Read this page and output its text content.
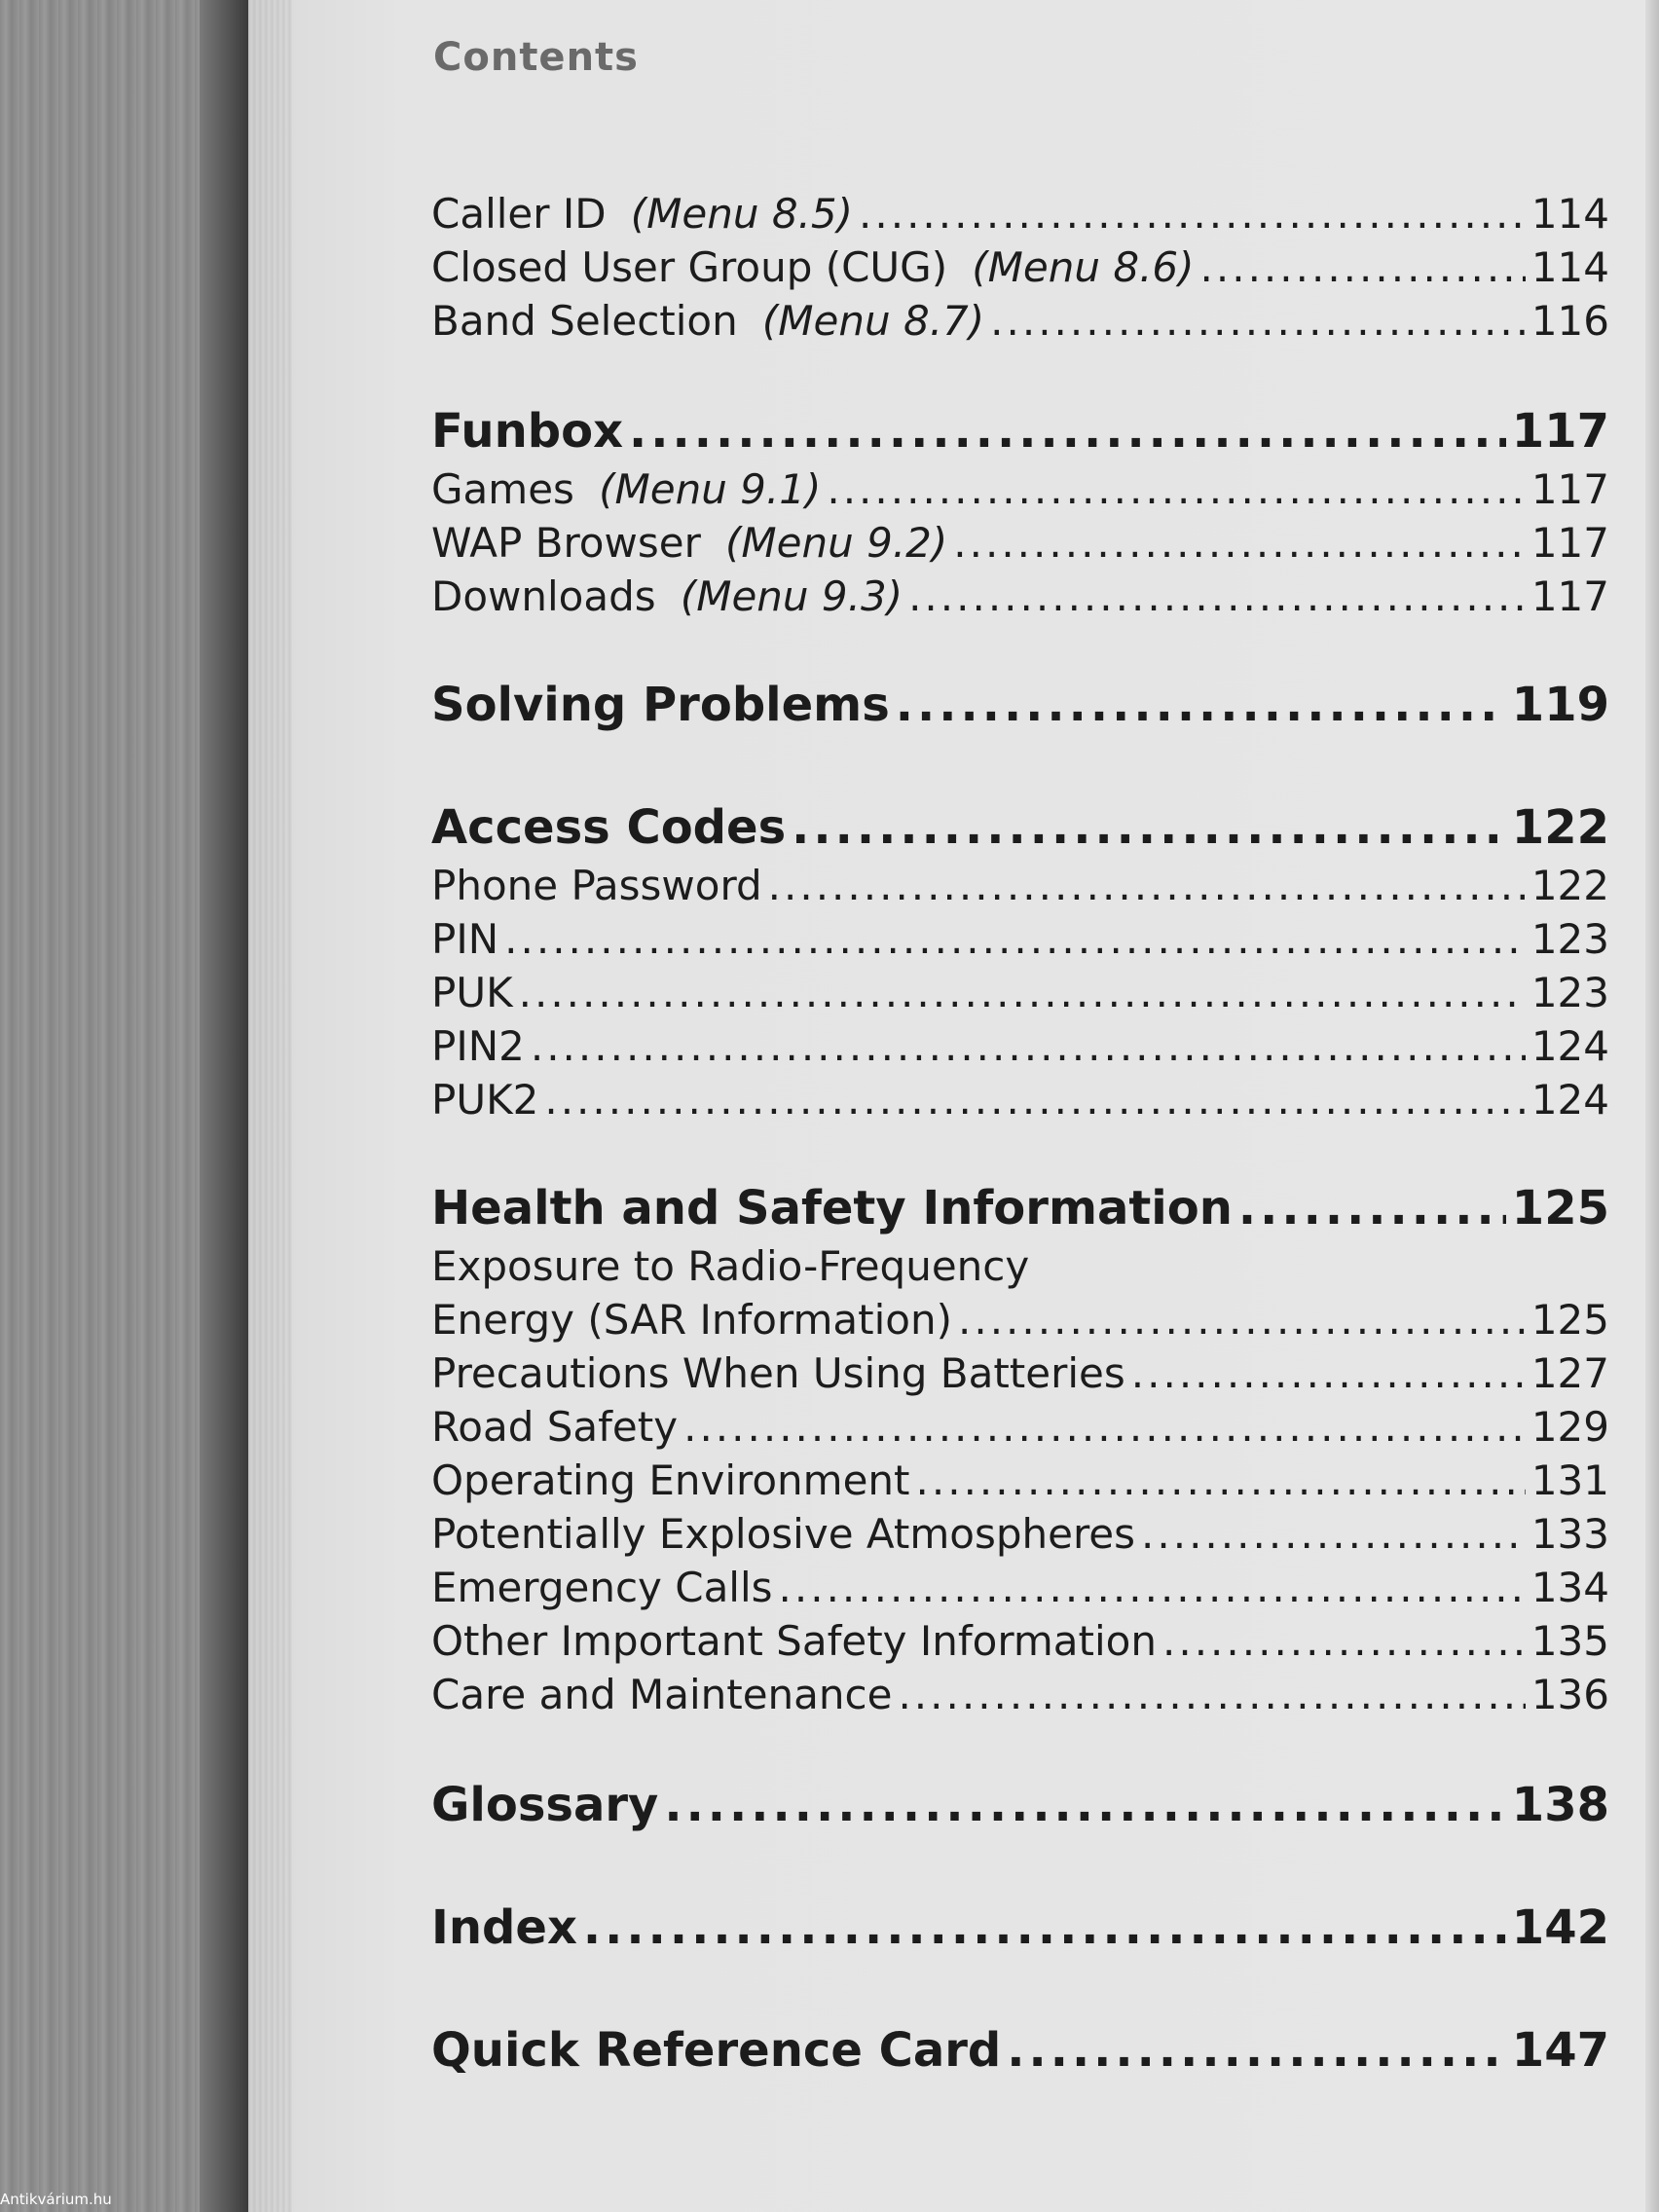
Contents
Caller ID (Menu 8.5) .....	114
Closed User Group (CUG) (Menu 8.6) .....	114
Band Selection (Menu 8.7) .....	116
Funbox .....	117
Games (Menu 9.1) .....	117
WAP Browser (Menu 9.2) .....	117
Downloads (Menu 9.3) .....	117
Solving Problems .....	119
Access Codes .....	122
Phone Password .....	122
PIN .....	123
PUK .....	123
PIN2 .....	124
PUK2 .....	124
Health and Safety Information .....	125
Exposure to Radio-Frequency
Energy (SAR Information) .....	125
Precautions When Using Batteries .....	127
Road Safety .....	129
Operating Environment .....	131
Potentially Explosive Atmospheres .....	133
Emergency Calls .....	134
Other Important Safety Information .....	135
Care and Maintenance .....	136
Glossary .....	138
Index .....	142
Quick Reference Card .....	147
Antikvárium.hu
